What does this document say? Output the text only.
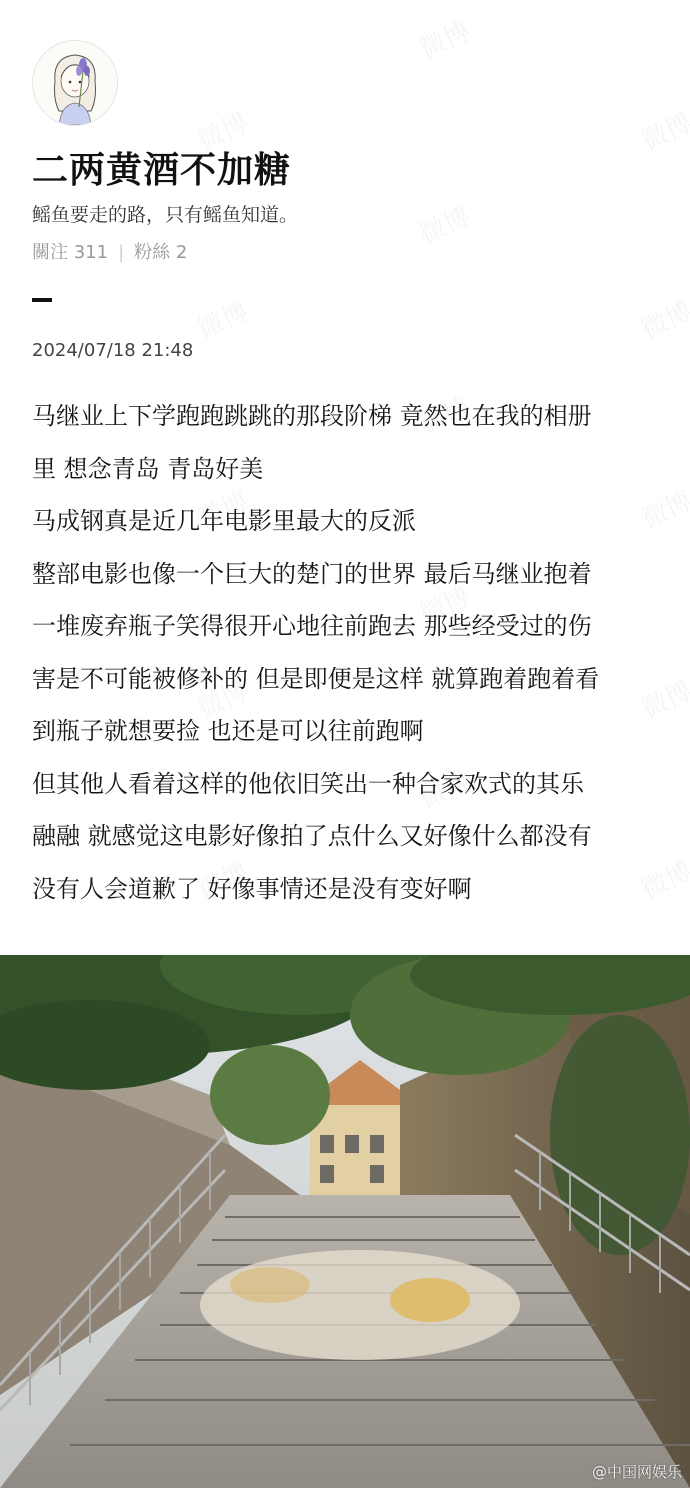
二两黄酒不加糖
鳐鱼要走的路，只有鳐鱼知道。
關注 311 | 粉絲 2
2024/07/18 21:48
马继业上下学跑跑跳跳的那段阶梯 竟然也在我的相册
里 想念青岛 青岛好美
马成钢真是近几年电影里最大的反派
整部电影也像一个巨大的楚门的世界 最后马继业抱着
一堆废弃瓶子笑得很开心地往前跑去 那些经受过的伤
害是不可能被修补的 但是即便是这样 就算跑着跑着看
到瓶子就想要捡 也还是可以往前跑啊
但其他人看着这样的他依旧笑出一种合家欢式的其乐
融融 就感觉这电影好像拍了点什么又好像什么都没有
没有人会道歉了 好像事情还是没有变好啊
@中国网娱乐
